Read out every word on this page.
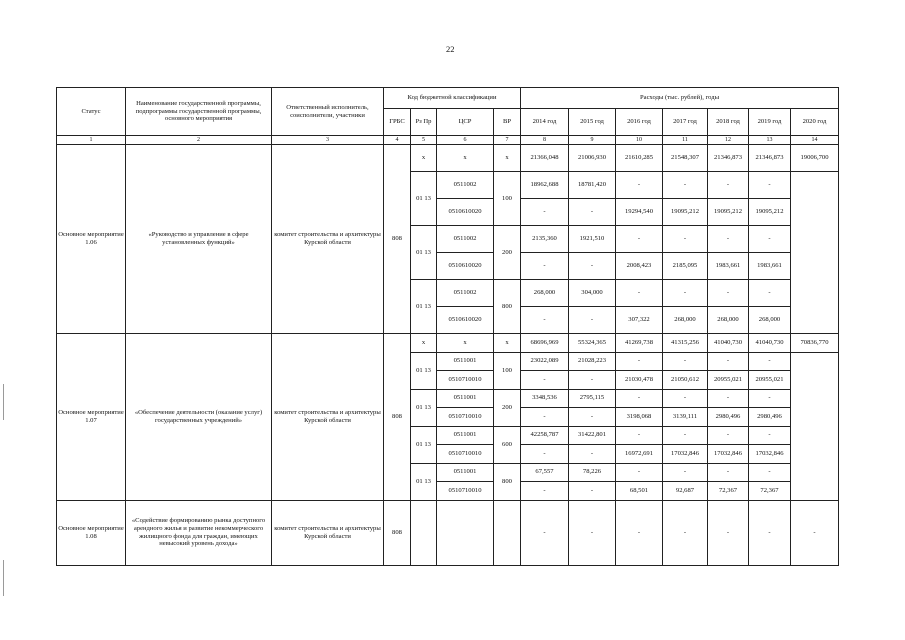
22
Статус	Наименование государственной программы, подпрограммы государственной программы, основного мероприятия	Ответственный исполнитель, соисполнители, участники	Код бюджетной классификации				Расходы (тыс. рублей), годы						
			ГРБС	Рз Пр	ЦСР	ВР	2014 год	2015 год	2016 год	2017 год	2018 год	2019 год	2020 год
1	2	3	4	5	6	7	8	9	10	11	12	13	14
Основное мероприятие 1.06	«Руководство и управление в сфере установленных функций»	комитет строительства и архитектуры Курской области	808	х	х	х	21366,048	21006,930	21610,285	21548,307	21346,873	21346,873	19006,700
				01 13	0511002	100	18962,688	18781,420	-	-	-	-	
					0510610020		-	-	19294,540	19095,212	19095,212	19095,212	
				01 13	0511002	200	2135,360	1921,510	-	-	-	-	
					0510610020		-	-	2008,423	2185,095	1983,661	1983,661	
				01 13	0511002	800	268,000	304,000	-	-	-	-	
					0510610020		-	-	307,322	268,000	268,000	268,000	
Основное мероприятие 1.07	«Обеспечение деятельности (оказание услуг) государственных учреждений»	комитет строительства и архитектуры Курской области	808	х	х	х	68696,969	55324,365	41269,738	41315,256	41040,730	41040,730	70836,770
				01 13	0511001	100	23022,089	21028,223	-	-	-	-	
					0510710010		-	-	21030,478	21050,612	20955,021	20955,021	
				01 13	0511001	200	3348,536	2795,115	-	-	-	-	
					0510710010		-	-	3198,068	3139,111	2980,496	2980,496	
				01 13	0511001	600	42258,787	31422,801	-	-	-	-	
					0510710010		-	-	16972,691	17032,846	17032,846	17032,846	
				01 13	0511001	800	67,557	78,226	-	-	-	-	
					0510710010		-	-	68,501	92,687	72,367	72,367	
Основное мероприятие 1.08	«Содействие формированию рынка доступного арендного жилья и развитие некоммерческого жилищного фонда для граждан, имеющих невысокий уровень дохода»	комитет строительства и архитектуры Курской области	808				-	-	-	-	-	-	-
